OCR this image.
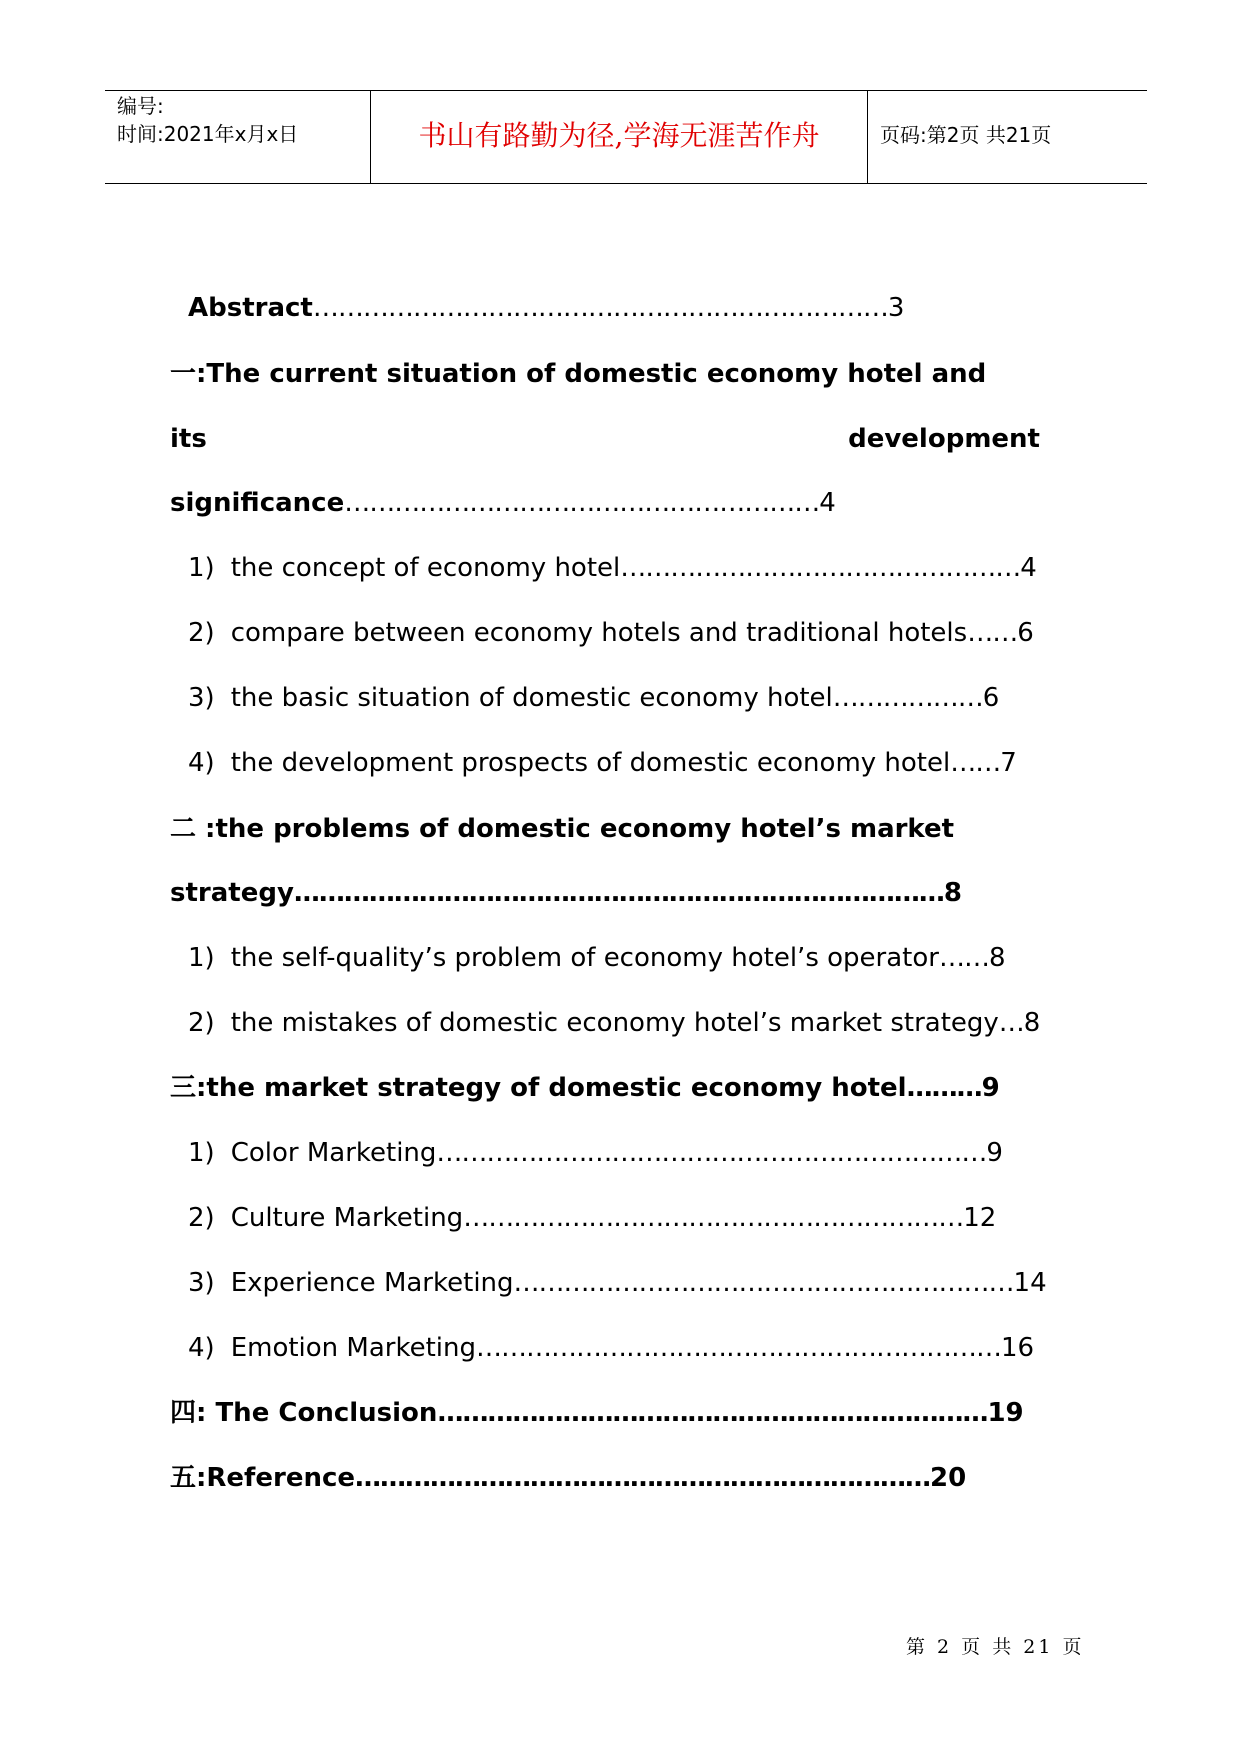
编号:
时间:2021年x月x日	书山有路勤为径,学海无涯苦作舟	页码:第2页 共21页
Abstract……………………………………………………………3
一:The current situation of domestic economy hotel and
its	development
significance…………………………………………………4
1) the concept of economy hotel…………………………………………4
2) compare between economy hotels and traditional hotels……6
3) the basic situation of domestic economy hotel………………6
4) the development prospects of domestic economy hotel……7
二 :the problems of domestic economy hotel’s market
strategy……………………………………………………………………8
1) the self-quality’s problem of economy hotel’s operator……8
2) the mistakes of domestic economy hotel’s market strategy…8
三:the market strategy of domestic economy hotel………9
1) Color Marketing…………………………………………………………9
2) Culture Marketing……………………………………………………12
3) Experience Marketing……………………………………………………14
4) Emotion Marketing………………………………………………………16
四: The Conclusion…………………………………………………………19
五:Reference……………………………………………………………20
第 2 页 共 21 页
